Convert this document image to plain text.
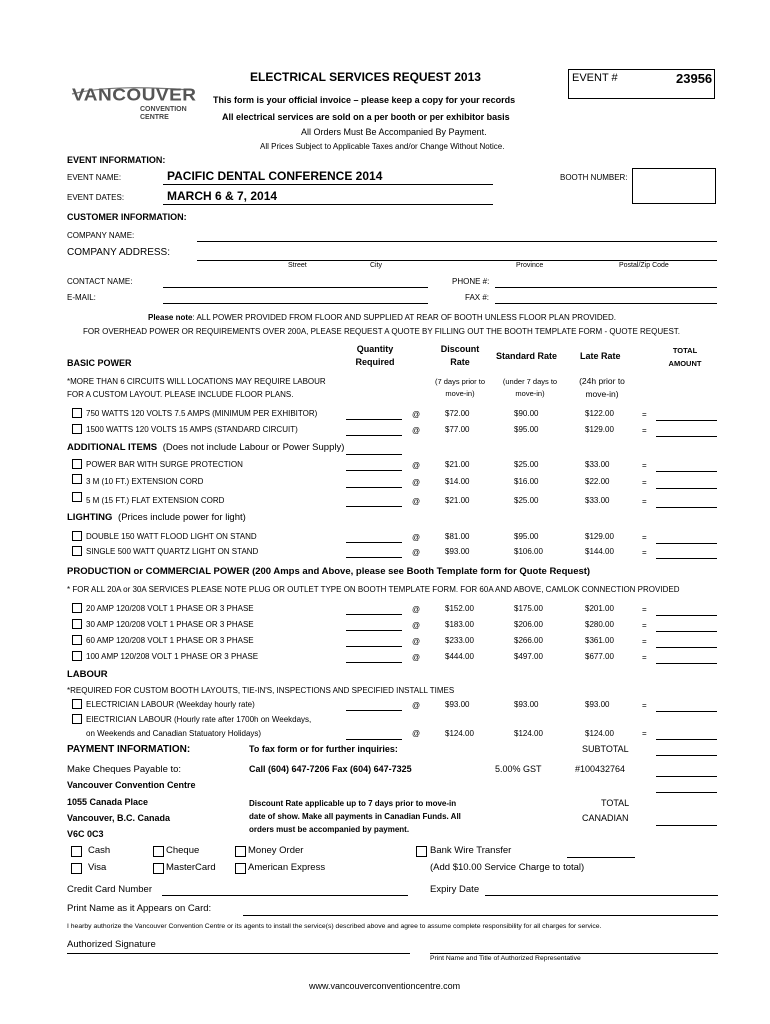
VANCOUVER
CONVENTION
CENTRE
ELECTRICAL SERVICES REQUEST 2013
This form is your official invoice – please keep a copy for your records
All electrical services are sold on a per booth or per exhibitor basis
All Orders Must Be Accompanied By Payment.
All Prices Subject to Applicable Taxes and/or Change Without Notice.
EVENT #	23956
EVENT INFORMATION:
EVENT NAME:	PACIFIC DENTAL CONFERENCE 2014
EVENT DATES:	MARCH 6 & 7, 2014
BOOTH NUMBER:
CUSTOMER INFORMATION:
COMPANY NAME:
COMPANY ADDRESS:
Street	City	Province	Postal/Zip Code
CONTACT NAME:	PHONE #:
E-MAIL:	FAX #:
Please note: ALL POWER PROVIDED FROM FLOOR AND SUPPLIED AT REAR OF BOOTH UNLESS FLOOR PLAN PROVIDED.
FOR OVERHEAD POWER OR REQUIREMENTS OVER 200A, PLEASE REQUEST A QUOTE BY FILLING OUT THE BOOTH TEMPLATE FORM - QUOTE REQUEST.
Quantity
Required
Discount
Rate
Standard Rate	Late Rate
TOTAL
AMOUNT
BASIC POWER
*MORE THAN 6 CIRCUITS WILL LOCATIONS MAY REQUIRE LABOUR
FOR A CUSTOM LAYOUT. PLEASE INCLUDE FLOOR PLANS.
(7 days prior to
move-in)
(under 7 days to
move-in)
(24h prior to
move-in)
ADDITIONAL ITEMS (Does not include Labour or Power Supply)
LIGHTING (Prices include power for light)
PRODUCTION or COMMERCIAL POWER (200 Amps and Above, please see Booth Template form for Quote Request)
* FOR ALL 20A or 30A SERVICES PLEASE NOTE PLUG OR OUTLET TYPE ON BOOTH TEMPLATE FORM. FOR 60A AND ABOVE, CAMLOK CONNECTION PROVIDED
LABOUR
*REQUIRED FOR CUSTOM BOOTH LAYOUTS, TIE-IN'S, INSPECTIONS AND SPECIFIED INSTALL TIMES
750 WATTS 120 VOLTS 7.5 AMPS (MINIMUM PER EXHIBITOR)	@	$72.00	$90.00	$122.00	=
1500 WATTS 120 VOLTS 15 AMPS (STANDARD CIRCUIT)	@	$77.00	$95.00	$129.00	=
POWER BAR WITH SURGE PROTECTION	@	$21.00	$25.00	$33.00	=
3 M (10 FT.) EXTENSION CORD	@	$14.00	$16.00	$22.00	=
5 M (15 FT.) FLAT EXTENSION CORD	@	$21.00	$25.00	$33.00	=
DOUBLE 150 WATT FLOOD LIGHT ON STAND	@	$81.00	$95.00	$129.00	=
SINGLE 500 WATT QUARTZ LIGHT ON STAND	@	$93.00	$106.00	$144.00	=
20 AMP 120/208 VOLT 1 PHASE OR 3 PHASE	@	$152.00	$175.00	$201.00	=
30 AMP 120/208 VOLT 1 PHASE OR 3 PHASE	@	$183.00	$206.00	$280.00	=
60 AMP 120/208 VOLT 1 PHASE OR 3 PHASE	@	$233.00	$266.00	$361.00	=
100 AMP 120/208 VOLT 1 PHASE OR 3 PHASE	@	$444.00	$497.00	$677.00	=
ELECTRICIAN LABOUR (Weekday hourly rate)	@	$93.00	$93.00	$93.00	=
EIECTRICIAN LABOUR (Hourly rate after 1700h on Weekdays,
on Weekends and Canadian Statuatory Holidays)	@	$124.00	$124.00	$124.00	=
PAYMENT INFORMATION:	To fax form or for further inquiries:	SUBTOTAL
Make Cheques Payable to:	Call (604) 647-7206 Fax (604) 647-7325	5.00% GST	#100432764
Vancouver Convention Centre
1055 Canada Place
Vancouver, B.C. Canada
V6C 0C3
Discount Rate applicable up to 7 days prior to move-in
date of show. Make all payments in Canadian Funds. All
orders must be accompanied by payment.
TOTAL
CANADIAN
Cash	Cheque	Money Order	Bank Wire Transfer
Visa	MasterCard	American Express	(Add $10.00 Service Charge to total)
Credit Card Number	Expiry Date
Print Name as it Appears on Card:
I hearby authorize the Vancouver Convention Centre or its agents to install the service(s) described above and agree to assume complete responsibility for all charges for service.
Authorized Signature
Print Name and Title of Authorized Representative
www.vancouverconventioncentre.com
